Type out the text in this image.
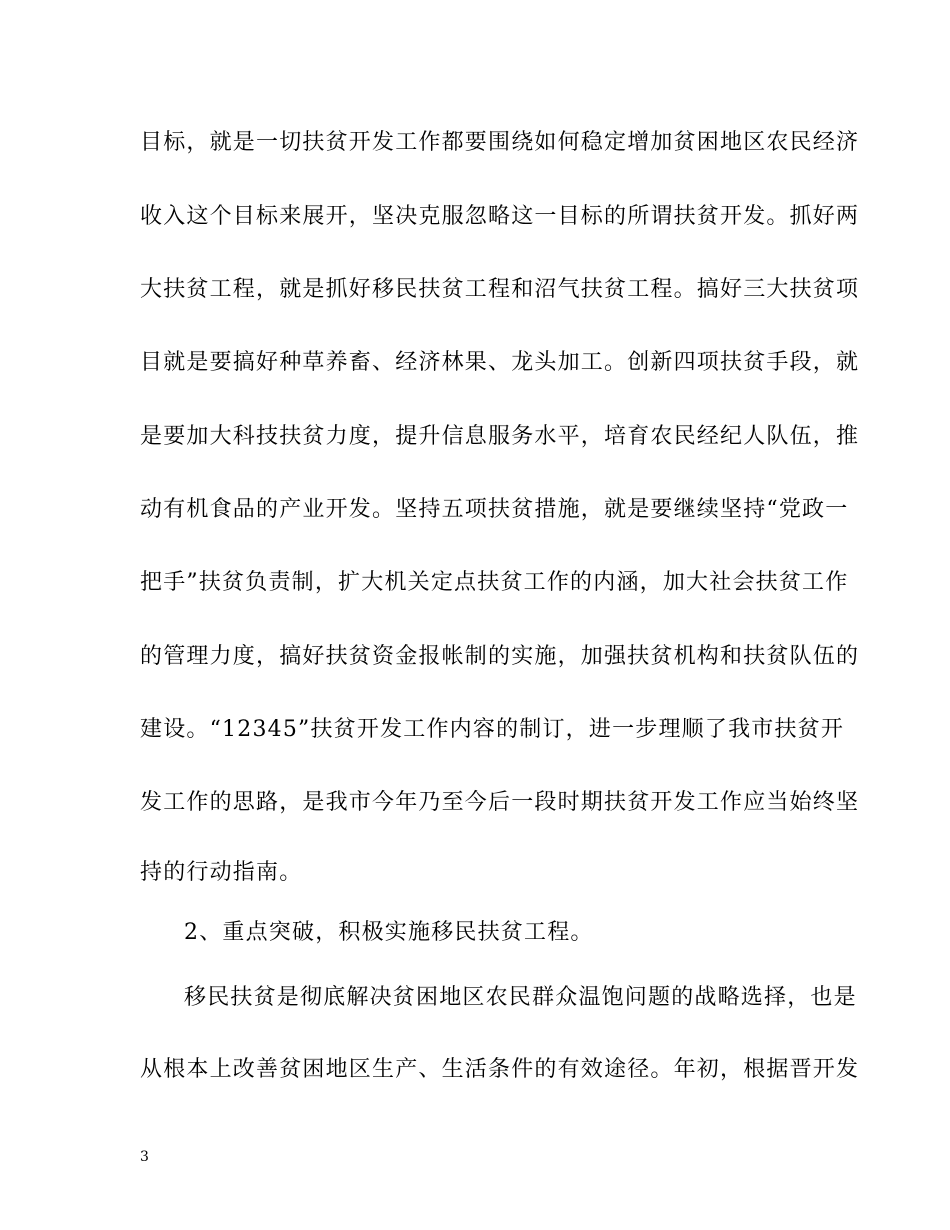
目标，就是一切扶贫开发工作都要围绕如何稳定增加贫困地区农民经济
收入这个目标来展开，坚决克服忽略这一目标的所谓扶贫开发。抓好两
大扶贫工程，就是抓好移民扶贫工程和沼气扶贫工程。搞好三大扶贫项
目就是要搞好种草养畜、经济林果、龙头加工。创新四项扶贫手段，就
是要加大科技扶贫力度，提升信息服务水平，培育农民经纪人队伍，推
动有机食品的产业开发。坚持五项扶贫措施，就是要继续坚持“党政一
把手”扶贫负责制，扩大机关定点扶贫工作的内涵，加大社会扶贫工作
的管理力度，搞好扶贫资金报帐制的实施，加强扶贫机构和扶贫队伍的
建设。“12345”扶贫开发工作内容的制订，进一步理顺了我市扶贫开
发工作的思路，是我市今年乃至今后一段时期扶贫开发工作应当始终坚
持的行动指南。
2、重点突破，积极实施移民扶贫工程。
移民扶贫是彻底解决贫困地区农民群众温饱问题的战略选择，也是
从根本上改善贫困地区生产、生活条件的有效途径。年初，根据晋开发
3
